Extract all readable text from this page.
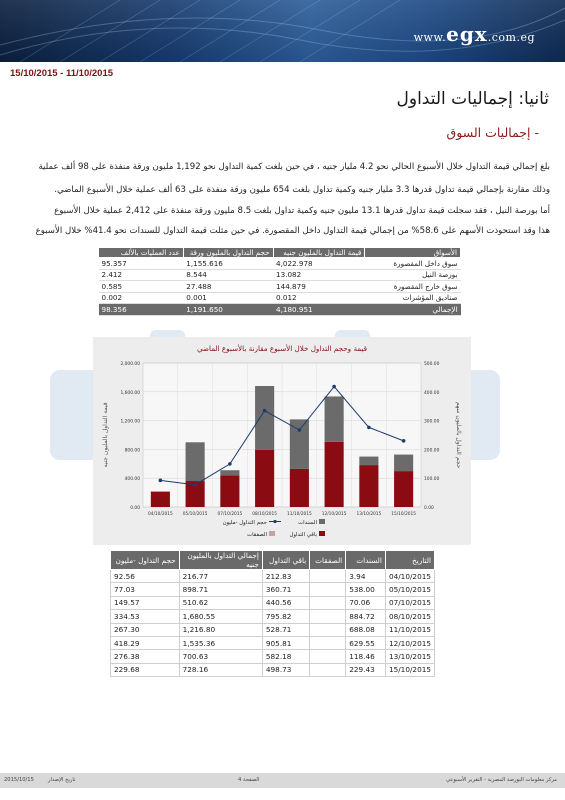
www.egx.com.eg
15/10/2015 - 11/10/2015
ثانيا: إجماليات التداول
- إجماليات السوق
بلغ إجمالي قيمة التداول خلال الأسبوع الحالي نحو 4.2 مليار جنيه ، في حين بلغت كمية التداول نحو 1,192 مليون ورقة منفذة على 98 ألف عملية
وذلك مقارنة بإجمالي قيمة تداول قدرها 3.3 مليار جنيه وكمية تداول بلغت 654 مليون ورقة منفذة على 63 ألف عملية خلال الأسبوع الماضي.
أما بورصة النيل ، فقد سجلت قيمة تداول قدرها 13.1 مليون جنيه وكمية تداول بلغت 8.5 مليون ورقة منفذة على 2,412 عملية خلال الأسبوع
هذا وقد استحوذت الأسهم على 58.6% من إجمالي قيمة التداول داخل المقصورة. في حين مثلت قيمة التداول للسندات نحو 41.4% خلال الأسبوع
الأسواق	قيمة التداول بالمليون جنيه	حجم التداول بالمليون ورقة	عدد العمليات بالألف
سوق داخل المقصورة	4,022.978	1,155.616	95.357
بورصة النيل	13.082	8.544	2.412
سوق خارج المقصورة	144.879	27.488	0.585
صناديق المؤشرات	0.012	0.001	0.002
الإجمالي	4,180.951	1,191.650	98.356
قيمة وحجم التداول خلال الأسبوع مقارنة بالأسبوع الماضي
0.00
400.00
800.00
1,200.00
1,600.00
2,000.00
0.00
100.00
200.00
300.00
400.00
500.00
قيمة التداول بالمليون جنيه	حجم التداول بالمليون سهم
04/10/2015 05/10/2015 07/10/2015 08/10/2015 11/10/2015 12/10/2015 13/10/2015 15/10/2015
السندات
باقي التداول
حجم التداول -مليون
الصفقات
التاريخ	السندات	الصفقات	باقي التداول	إجمالي التداول بالمليون جنيه	حجم التداول -مليون
04/10/2015	3.94		212.83	216.77	92.56
05/10/2015	538.00		360.71	898.71	77.03
07/10/2015	70.06		440.56	510.62	149.57
08/10/2015	884.72		795.82	1,680.55	334.53
11/10/2015	688.08		528.71	1,216.80	267.30
12/10/2015	629.55		905.81	1,535.36	418.29
13/10/2015	118.46		582.18	700.63	276.38
15/10/2015	229.43		498.73	728.16	229.68
مركز معلومات البورصة المصرية - التقرير الأسبوعي
الصفحة 4
تاريخ الإصدار
2015/10/15
